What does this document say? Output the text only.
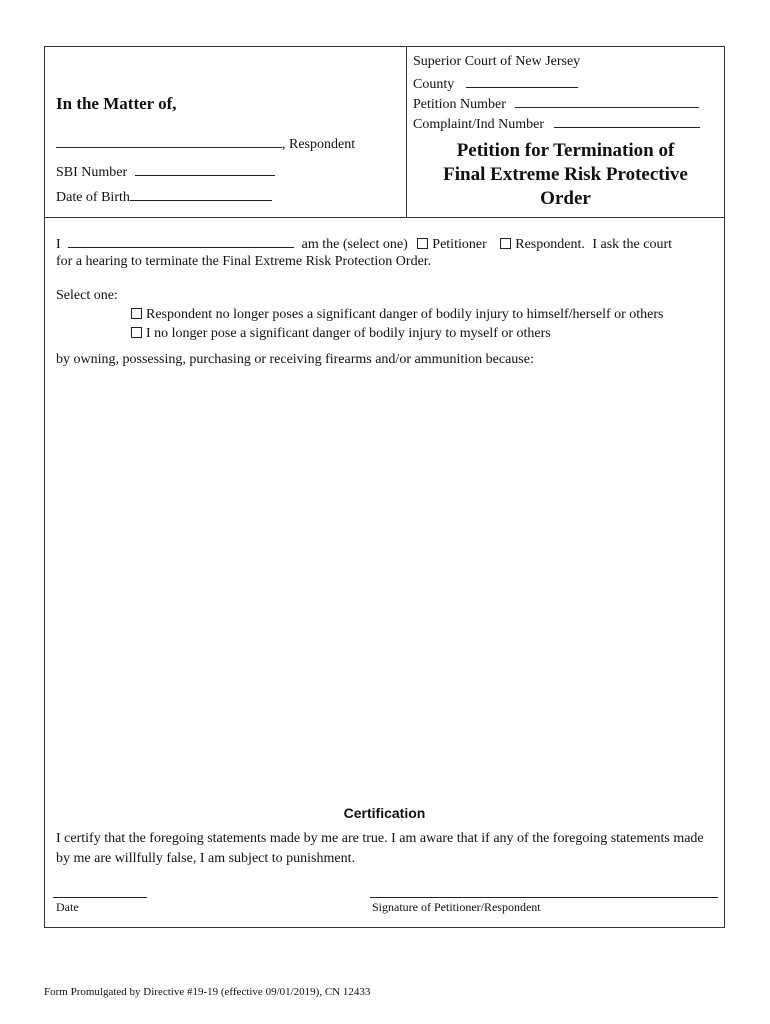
In the Matter of,
, Respondent
SBI Number
Date of Birth
Superior Court of New Jersey
County
Petition Number
Complaint/Ind Number
Petition for Termination of
Final Extreme Risk Protective
Order
I	am the (select one) Petitioner Respondent. I ask the court
for a hearing to terminate the Final Extreme Risk Protection Order.
Select one:
Respondent no longer poses a significant danger of bodily injury to himself/herself or others
I no longer pose a significant danger of bodily injury to myself or others
by owning, possessing, purchasing or receiving firearms and/or ammunition because:
Certification
I certify that the foregoing statements made by me are true. I am aware that if any of the foregoing statements made by me are willfully false, I am subject to punishment.
Date	Signature of Petitioner/Respondent
Form Promulgated by Directive #19-19 (effective 09/01/2019), CN 12433
